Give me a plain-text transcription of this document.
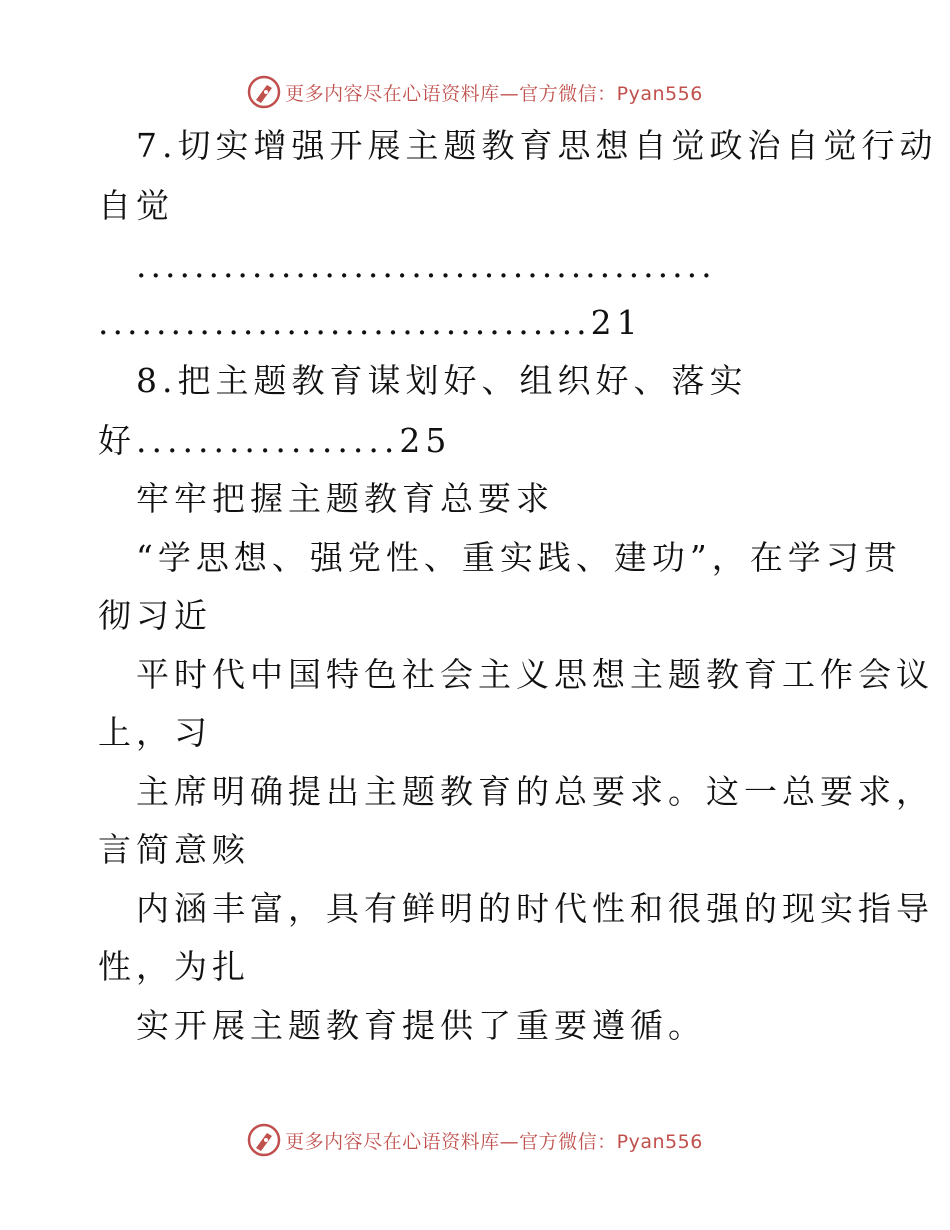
更多内容尽在心语资料库—官方微信：Pyan556
7.切实增强开展主题教育思想自觉政治自觉行动
自觉
........................................
..................................21
8.把主题教育谋划好、组织好、落实
好.................25
牢牢把握主题教育总要求
“学思想、强党性、重实践、建功”，在学习贯
彻习近
平时代中国特色社会主义思想主题教育工作会议
上，习
主席明确提出主题教育的总要求。这一总要求，
言简意赅
内涵丰富，具有鲜明的时代性和很强的现实指导
性，为扎
实开展主题教育提供了重要遵循。
更多内容尽在心语资料库—官方微信：Pyan556
